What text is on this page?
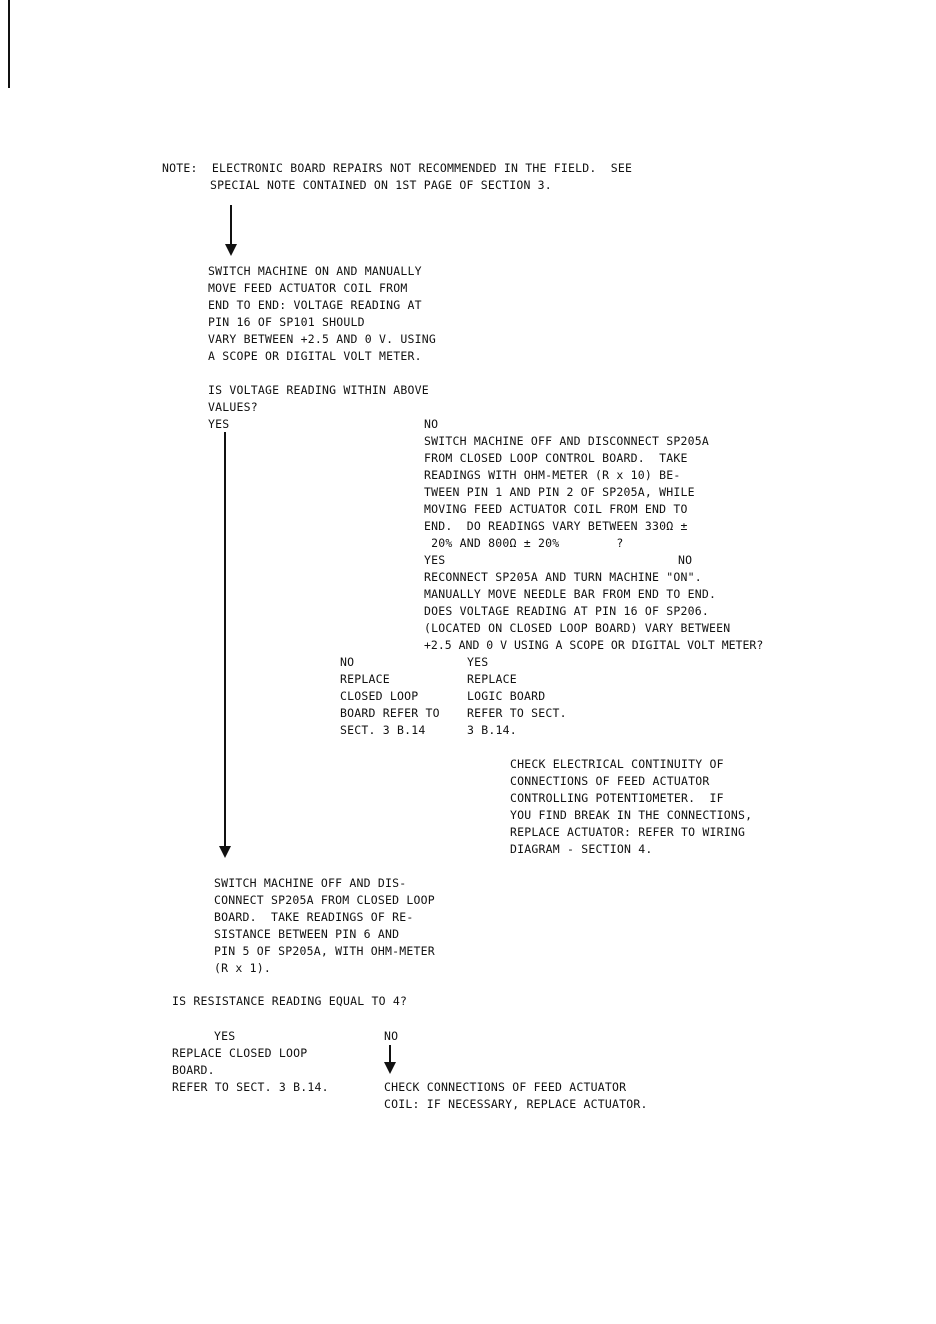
NOTE:  ELECTRONIC BOARD REPAIRS NOT RECOMMENDED IN THE FIELD.  SEE
SPECIAL NOTE CONTAINED ON 1ST PAGE OF SECTION 3.
SWITCH MACHINE ON AND MANUALLY
MOVE FEED ACTUATOR COIL FROM
END TO END: VOLTAGE READING AT
PIN 16 OF SP101 SHOULD
VARY BETWEEN +2.5 AND 0 V. USING
A SCOPE OR DIGITAL VOLT METER.
IS VOLTAGE READING WITHIN ABOVE
VALUES?
YES	NO
SWITCH MACHINE OFF AND DISCONNECT SP205A
FROM CLOSED LOOP CONTROL BOARD.  TAKE
READINGS WITH OHM-METER (R x 10) BE-
TWEEN PIN 1 AND PIN 2 OF SP205A, WHILE
MOVING FEED ACTUATOR COIL FROM END TO
END.  DO READINGS VARY BETWEEN 330Ω ±
20% AND 800Ω ± 20%        ?
YES	NO
RECONNECT SP205A AND TURN MACHINE "ON".
MANUALLY MOVE NEEDLE BAR FROM END TO END.
DOES VOLTAGE READING AT PIN 16 OF SP206.
(LOCATED ON CLOSED LOOP BOARD) VARY BETWEEN
+2.5 AND 0 V USING A SCOPE OR DIGITAL VOLT METER?
NO	YES
REPLACE
CLOSED LOOP
BOARD REFER TO
SECT. 3 B.14
REPLACE
LOGIC BOARD
REFER TO SECT.
3 B.14.
CHECK ELECTRICAL CONTINUITY OF
CONNECTIONS OF FEED ACTUATOR
CONTROLLING POTENTIOMETER.  IF
YOU FIND BREAK IN THE CONNECTIONS,
REPLACE ACTUATOR: REFER TO WIRING
DIAGRAM - SECTION 4.
SWITCH MACHINE OFF AND DIS-
CONNECT SP205A FROM CLOSED LOOP
BOARD.  TAKE READINGS OF RE-
SISTANCE BETWEEN PIN 6 AND
PIN 5 OF SP205A, WITH OHM-METER
(R x 1).
IS RESISTANCE READING EQUAL TO 4?
YES	NO
REPLACE CLOSED LOOP
BOARD.
REFER TO SECT. 3 B.14.	CHECK CONNECTIONS OF FEED ACTUATOR
COIL: IF NECESSARY, REPLACE ACTUATOR.
